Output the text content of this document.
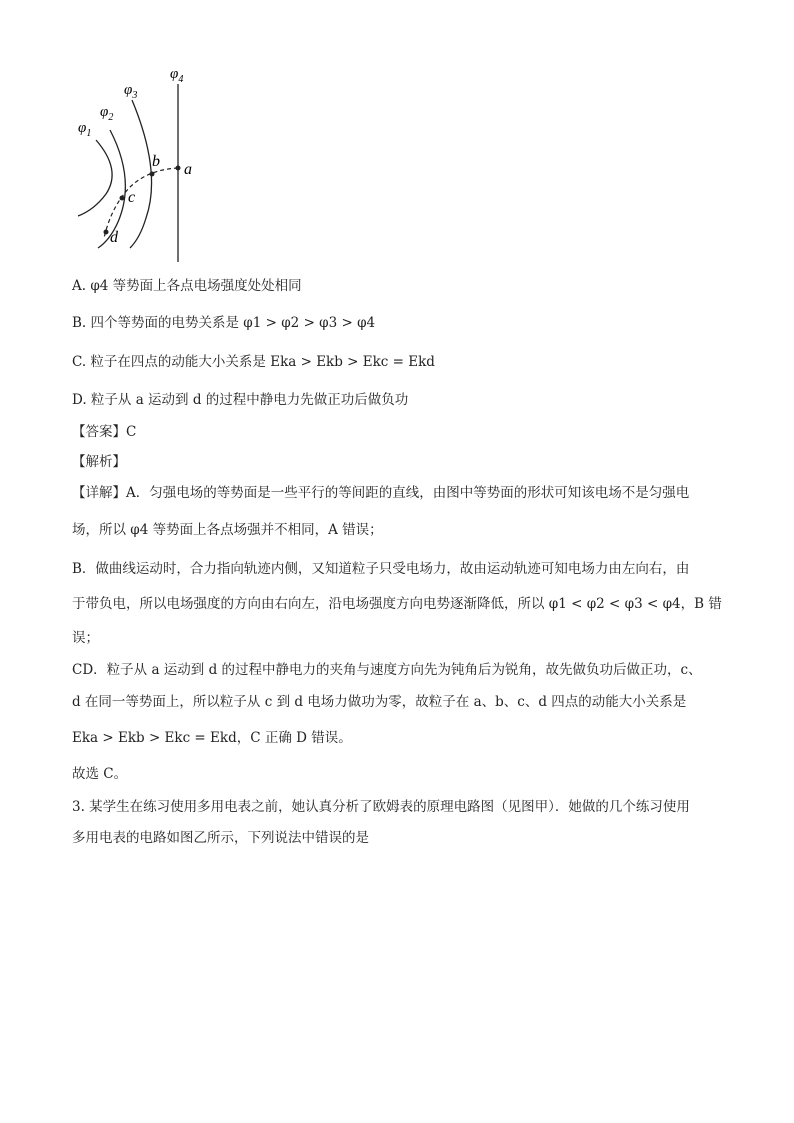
$\varphi_1$
$\varphi_2$
$\varphi_3$
$\varphi_4$
a
b
c
d
A. φ4 等势面上各点电场强度处处相同
B. 四个等势面的电势关系是 φ1 > φ2 > φ3 > φ4
C. 粒子在四点的动能大小关系是 Eka > Ekb > Ekc = Ekd
D. 粒子从 a 运动到 d 的过程中静电力先做正功后做负功
【答案】C
【解析】
【详解】A．匀强电场的等势面是一些平行的等间距的直线，由图中等势面的形状可知该电场不是匀强电
场，所以 φ4 等势面上各点场强并不相同，A 错误；
B．做曲线运动时，合力指向轨迹内侧，又知道粒子只受电场力，故由运动轨迹可知电场力由左向右，由
于带负电，所以电场强度的方向由右向左，沿电场强度方向电势逐渐降低，所以 φ1 < φ2 < φ3 < φ4，B 错
误；
CD．粒子从 a 运动到 d 的过程中静电力的夹角与速度方向先为钝角后为锐角，故先做负功后做正功，c、
d 在同一等势面上，所以粒子从 c 到 d 电场力做功为零，故粒子在 a、b、c、d 四点的动能大小关系是
Eka > Ekb > Ekc = Ekd，C 正确 D 错误。
故选 C。
3. 某学生在练习使用多用电表之前，她认真分析了欧姆表的原理电路图（见图甲）．她做的几个练习使用
多用电表的电路如图乙所示，下列说法中错误的是
